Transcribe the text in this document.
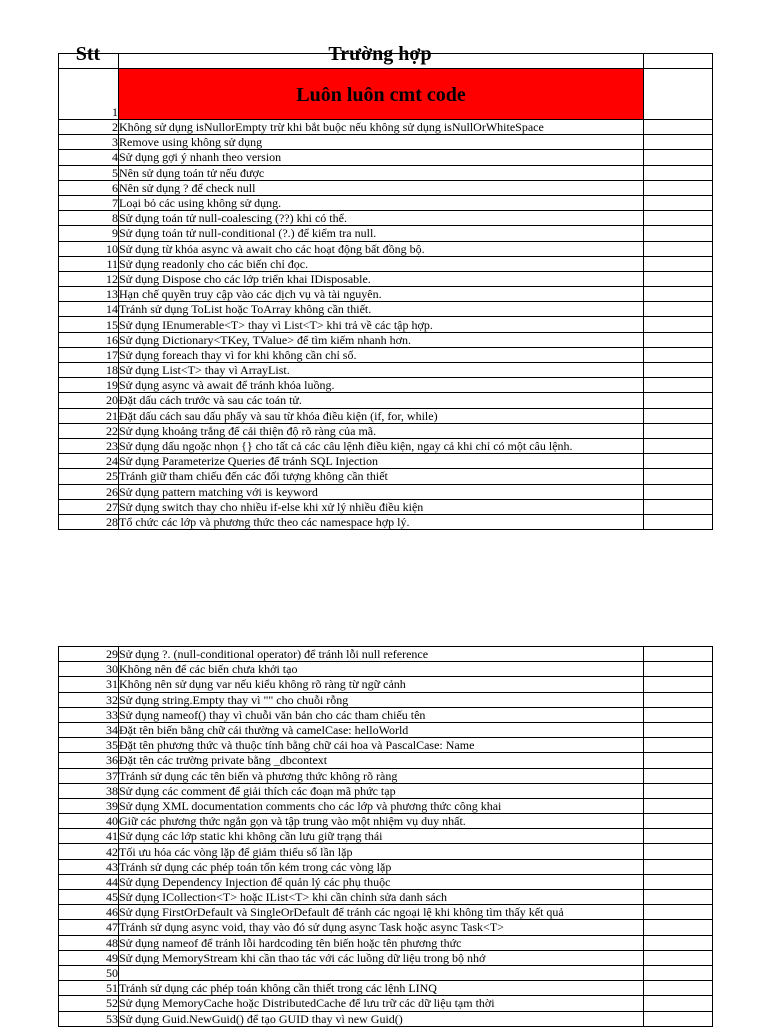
Stt	Trường hợp

1	Luôn luôn cmt code	

2	Không sử dụng isNullorEmpty trừ khi bắt buộc nếu không sử dụng isNullOrWhiteSpace	
3	Remove using không sử dụng	
4	Sử dụng gợi ý nhanh theo version	
5	Nên sử dụng toán tử nếu được	
6	Nên sử dụng ? để check null	
7	Loại bỏ các using không sử dụng.	
8	Sử dụng toán tử null-coalescing (??) khi có thể.	
9	Sử dụng toán tử null-conditional (?.) để kiểm tra null.	
10	Sử dụng từ khóa async và await cho các hoạt động bất đồng bộ.	
11	Sử dụng readonly cho các biến chỉ đọc.	
12	Sử dụng Dispose cho các lớp triển khai IDisposable.	
13	Hạn chế quyền truy cập vào các dịch vụ và tài nguyên.	
14	Tránh sử dụng ToList hoặc ToArray không cần thiết.	
15	Sử dụng IEnumerable<T> thay vì List<T> khi trả về các tập hợp.	
16	Sử dụng Dictionary<TKey, TValue> để tìm kiếm nhanh hơn.	
17	Sử dụng foreach thay vì for khi không cần chỉ số.	
18	Sử dụng List<T> thay vì ArrayList.	
19	Sử dụng async và await để tránh khóa luồng.	
20	Đặt dấu cách trước và sau các toán tử.	
21	Đặt dấu cách sau dấu phẩy và sau từ khóa điều kiện (if, for, while)	
22	Sử dụng khoảng trắng để cải thiện độ rõ ràng của mã.	
23	Sử dụng dấu ngoặc nhọn {} cho tất cả các câu lệnh điều kiện, ngay cả khi chỉ có một câu lệnh.	
24	Sử dụng Parameterize Queries để tránh SQL Injection	
25	Tránh giữ tham chiếu đến các đối tượng không cần thiết	
26	Sử dụng pattern matching với is keyword	
27	Sử dụng switch thay cho nhiều if-else khi xử lý nhiều điều kiện	
28	Tổ chức các lớp và phương thức theo các namespace hợp lý.	
29	Sử dụng ?. (null-conditional operator) để tránh lỗi null reference	
30	Không nên để các biến chưa khởi tạo	
31	Không nên sử dụng var nếu kiểu không rõ ràng từ ngữ cảnh	
32	Sử dụng string.Empty thay vì "" cho chuỗi rỗng	
33	Sử dụng nameof() thay vì chuỗi văn bản cho các tham chiếu tên	
34	Đặt tên biến bằng chữ cái thường và camelCase: helloWorld	
35	Đặt tên phương thức và thuộc tính bằng chữ cái hoa và PascalCase: Name	
36	Đặt tên các trường private bằng _dbcontext	
37	Tránh sử dụng các tên biến và phương thức không rõ ràng	
38	Sử dụng các comment để giải thích các đoạn mã phức tạp	
39	Sử dụng XML documentation comments cho các lớp và phương thức công khai	
40	Giữ các phương thức ngắn gọn và tập trung vào một nhiệm vụ duy nhất.	
41	Sử dụng các lớp static khi không cần lưu giữ trạng thái	
42	Tối ưu hóa các vòng lặp để giảm thiểu số lần lặp	
43	Tránh sử dụng các phép toán tốn kém trong các vòng lặp	
44	Sử dụng Dependency Injection để quản lý các phụ thuộc	
45	Sử dụng ICollection<T> hoặc IList<T> khi cần chỉnh sửa danh sách	
46	Sử dụng FirstOrDefault và SingleOrDefault để tránh các ngoại lệ khi không tìm thấy kết quả	
47	Tránh sử dụng async void, thay vào đó sử dụng async Task hoặc async Task<T>	
48	Sử dụng nameof để tránh lỗi hardcoding tên biến hoặc tên phương thức	
49	Sử dụng MemoryStream khi cần thao tác với các luồng dữ liệu trong bộ nhớ	
50		
51	Tránh sử dụng các phép toán không cần thiết trong các lệnh LINQ	
52	Sử dụng MemoryCache hoặc DistributedCache để lưu trữ các dữ liệu tạm thời	
53	Sử dụng Guid.NewGuid() để tạo GUID thay vì new Guid()	
